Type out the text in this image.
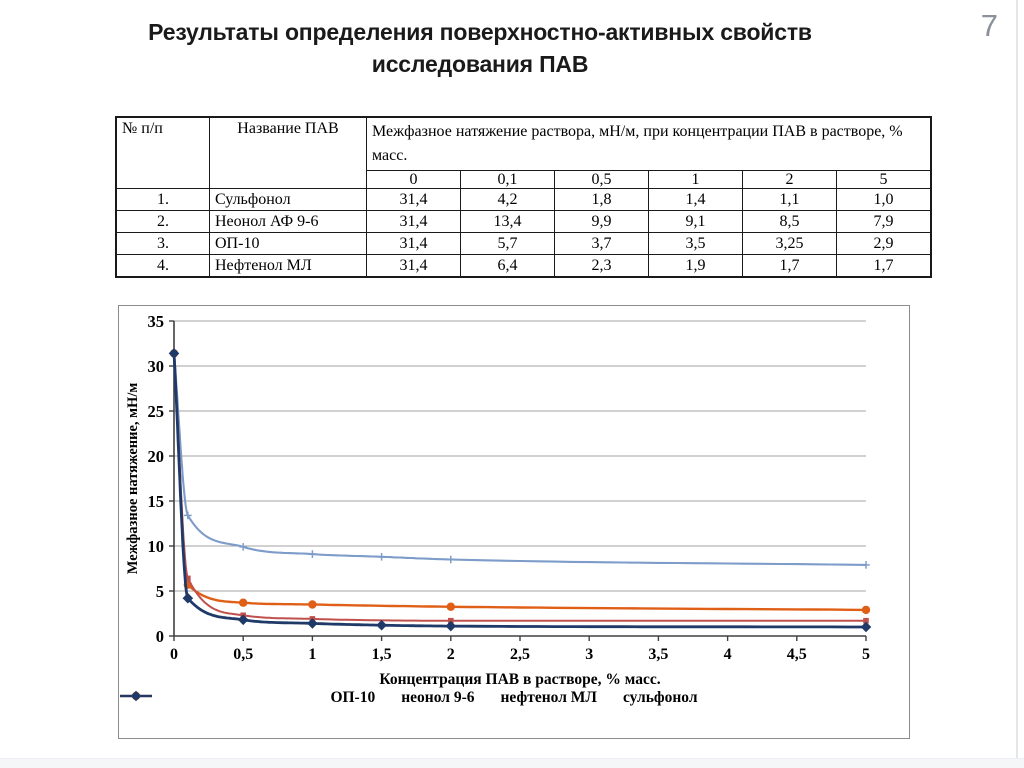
Результаты определения поверхностно-активных свойств исследования ПАВ
7
№ п/п	Название ПАВ	Межфазное натяжение раствора, мН/м, при концентрации ПАВ в растворе, % масс.					
		0	0,1	0,5	1	2	5
1.	Сульфонол	31,4	4,2	1,8	1,4	1,1	1,0
2.	Неонол АФ 9-6	31,4	13,4	9,9	9,1	8,5	7,9
3.	ОП-10	31,4	5,7	3,7	3,5	3,25	2,9
4.	Нефтенол МЛ	31,4	6,4	2,3	1,9	1,7	1,7
0
5
10
15
20
25
30
35
0	0,5	1	1,5	2	2,5	3	3,5	4	4,5	5
Концентрация ПАВ в растворе, % масс.
Межфазное натяжение, мН/м
ОП-10 неонол 9-6 нефтенол МЛ сульфонол
